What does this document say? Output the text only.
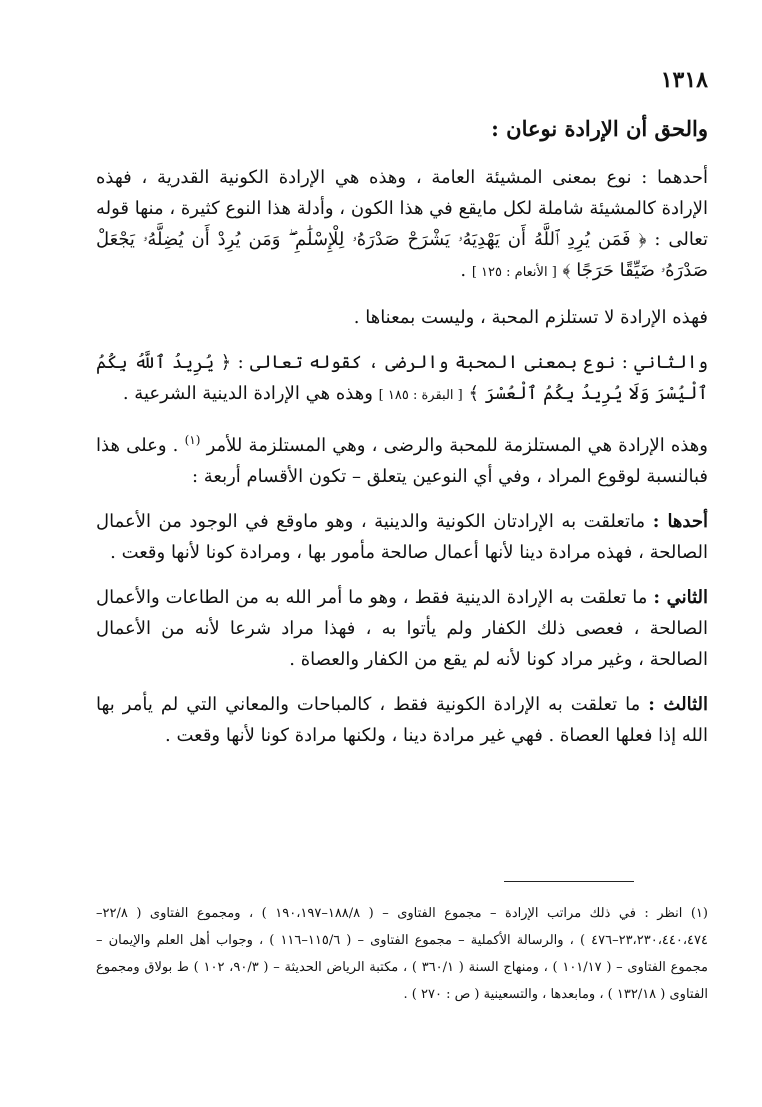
١٣١٨
والحق أن الإرادة نوعان :
أحدهما : نوع بمعنى المشيئة العامة ، وهذه هي الإرادة الكونية القدرية ، فهذه الإرادة كالمشيئة شاملة لكل مايقع في هذا الكون ، وأدلة هذا النوع كثيرة ، منها قوله تعالى : ﴿ فَمَن يُرِدِ ٱللَّهُ أَن يَهْدِيَهُۥ يَشْرَحْ صَدْرَهُۥ لِلْإِسْلَٰمِ ۖ وَمَن يُرِدْ أَن يُضِلَّهُۥ يَجْعَلْ صَدْرَهُۥ ضَيِّقًا حَرَجًا ﴾ [ الأنعام : ١٢٥ ] .
فهذه الإرادة لا تستلزم المحبة ، وليست بمعناها .
والثاني : نوع بمعنى المحبة والرضى ، كقوله تعالى : ﴿ يُرِيدُ ٱللَّهُ بِكُمُ ٱلْيُسْرَ وَلَا يُرِيدُ بِكُمُ ٱلْعُسْرَ ﴾ [ البقرة : ١٨٥ ] وهذه هي الإرادة الدينية الشرعية .
وهذه الإرادة هي المستلزمة للمحبة والرضى ، وهي المستلزمة للأمر $^{(١)}$ . وعلى هذا فبالنسبة لوقوع المراد ، وفي أي النوعين يتعلق – تكون الأقسام أربعة :
أحدها : ماتعلقت به الإرادتان الكونية والدينية ، وهو ماوقع في الوجود من الأعمال الصالحة ، فهذه مرادة دينا لأنها أعمال صالحة مأمور بها ، ومرادة كونا لأنها وقعت .
الثاني : ما تعلقت به الإرادة الدينية فقط ، وهو ما أمر الله به من الطاعات والأعمال الصالحة ، فعصى ذلك الكفار ولم يأتوا به ، فهذا مراد شرعا لأنه من الأعمال الصالحة ، وغير مراد كونا لأنه لم يقع من الكفار والعصاة .
الثالث : ما تعلقت به الإرادة الكونية فقط ، كالمباحات والمعاني التي لم يأمر بها الله إذا فعلها العصاة . فهي غير مرادة دينا ، ولكنها مرادة كونا لأنها وقعت .
(١) انظر : في ذلك مراتب الإرادة – مجموع الفتاوى – ( ١٨٨/٨–١٩٠،١٩٧ ) ، ومجموع الفتاوى ( ٢٢/٨–٢٣،٢٣٠،٤٤٠،٤٧٤–٤٧٦ ) ، والرسالة الأكملية – مجموع الفتاوى – ( ١١٥/٦–١١٦ ) ، وجواب أهل العلم والإيمان – مجموع الفتاوى – ( ١٠١/١٧ ) ، ومنهاج السنة ( ٣٦٠/١ ) ، مكتبة الرياض الحديثة – ( ٩٠/٣، ١٠٢ ) ط بولاق ومجموع الفتاوى ( ١٣٢/١٨ ) ، ومابعدها ، والتسعينية ( ص : ٢٧٠ ) .
